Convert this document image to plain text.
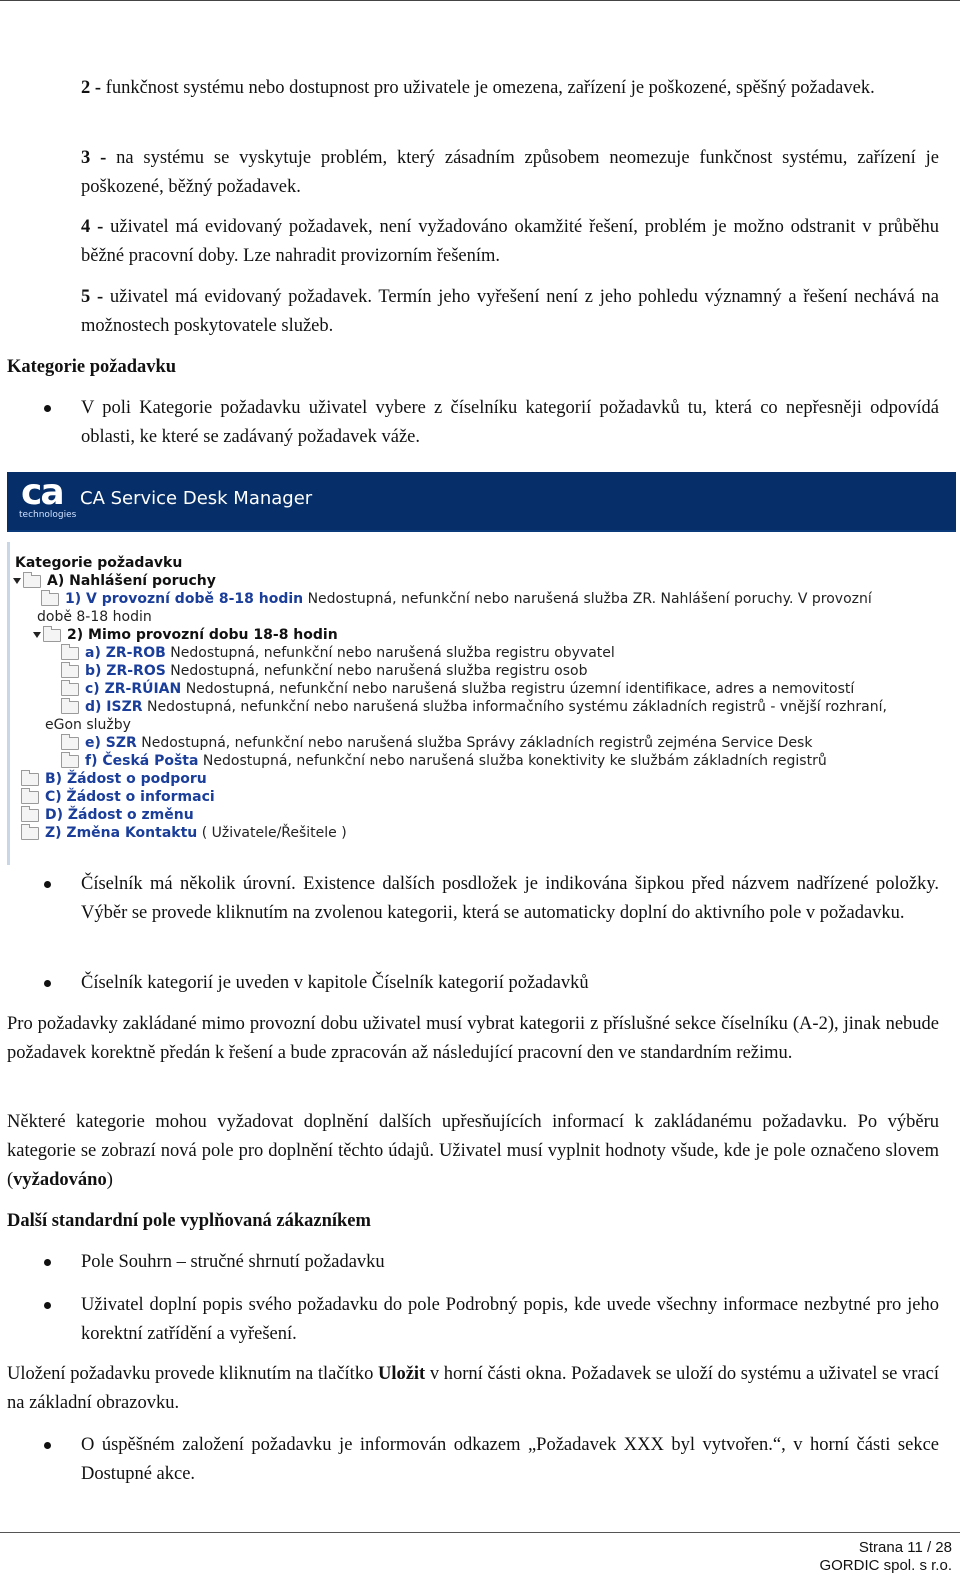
2 - funkčnost systému nebo dostupnost pro uživatele je omezena, zařízení je poškozené, spěšný požadavek.
3 - na systému se vyskytuje problém, který zásadním způsobem neomezuje funkčnost systému, zařízení je poškozené, běžný požadavek.
4 - uživatel má evidovaný požadavek, není vyžadováno okamžité řešení, problém je možno odstranit v průběhu běžné pracovní doby. Lze nahradit provizorním řešením.
5 - uživatel má evidovaný požadavek. Termín jeho vyřešení není z jeho pohledu významný a řešení nechává na možnostech poskytovatele služeb.
Kategorie požadavku
V poli Kategorie požadavku uživatel vybere z číselníku kategorií požadavků tu, která co nepřesněji odpovídá oblasti, ke které se zadávaný požadavek váže.
ca
technologies
CA Service Desk Manager
Kategorie požadavku
A) Nahlášení poruchy
1) V provozní době 8-18 hodin Nedostupná, nefunkční nebo narušená služba ZR. Nahlášení poruchy. V provozní
době 8-18 hodin
2) Mimo provozní dobu 18-8 hodin
a) ZR-ROB Nedostupná, nefunkční nebo narušená služba registru obyvatel
b) ZR-ROS Nedostupná, nefunkční nebo narušená služba registru osob
c) ZR-RÚIAN Nedostupná, nefunkční nebo narušená služba registru územní identifikace, adres a nemovitostí
d) ISZR Nedostupná, nefunkční nebo narušená služba informačního systému základních registrů - vnější rozhraní,
eGon služby
e) SZR Nedostupná, nefunkční nebo narušená služba Správy základních registrů zejména Service Desk
f) Česká Pošta Nedostupná, nefunkční nebo narušená služba konektivity ke službám základních registrů
B) Žádost o podporu
C) Žádost o informaci
D) Žádost o změnu
Z) Změna Kontaktu ( Uživatele/Řešitele )
Číselník má několik úrovní. Existence dalších posdložek je indikována šipkou před názvem nadřízené položky. Výběr se provede kliknutím na zvolenou kategorii, která se automaticky doplní do aktivního pole v požadavku.
Číselník kategorií je uveden v kapitole Číselník kategorií požadavků
Pro požadavky zakládané mimo provozní dobu uživatel musí vybrat kategorii z příslušné sekce číselníku (A-2), jinak nebude požadavek korektně předán k řešení a bude zpracován až následující pracovní den ve standardním režimu.
Některé kategorie mohou vyžadovat doplnění dalších upřesňujících informací k zakládanému požadavku. Po výběru kategorie se zobrazí nová pole pro doplnění těchto údajů. Uživatel musí vyplnit hodnoty všude, kde je pole označeno slovem (vyžadováno)
Další standardní pole vyplňovaná zákazníkem
Pole Souhrn – stručné shrnutí požadavku
Uživatel doplní popis svého požadavku do pole Podrobný popis, kde uvede všechny informace nezbytné pro jeho korektní zatřídění a vyřešení.
Uložení požadavku provede kliknutím na tlačítko Uložit v horní části okna. Požadavek se uloží do systému a uživatel se vrací na základní obrazovku.
O úspěšném založení požadavku je informován odkazem „Požadavek XXX byl vytvořen.“, v horní části sekce Dostupné akce.
Strana 11 / 28
GORDIC spol. s r.o.
